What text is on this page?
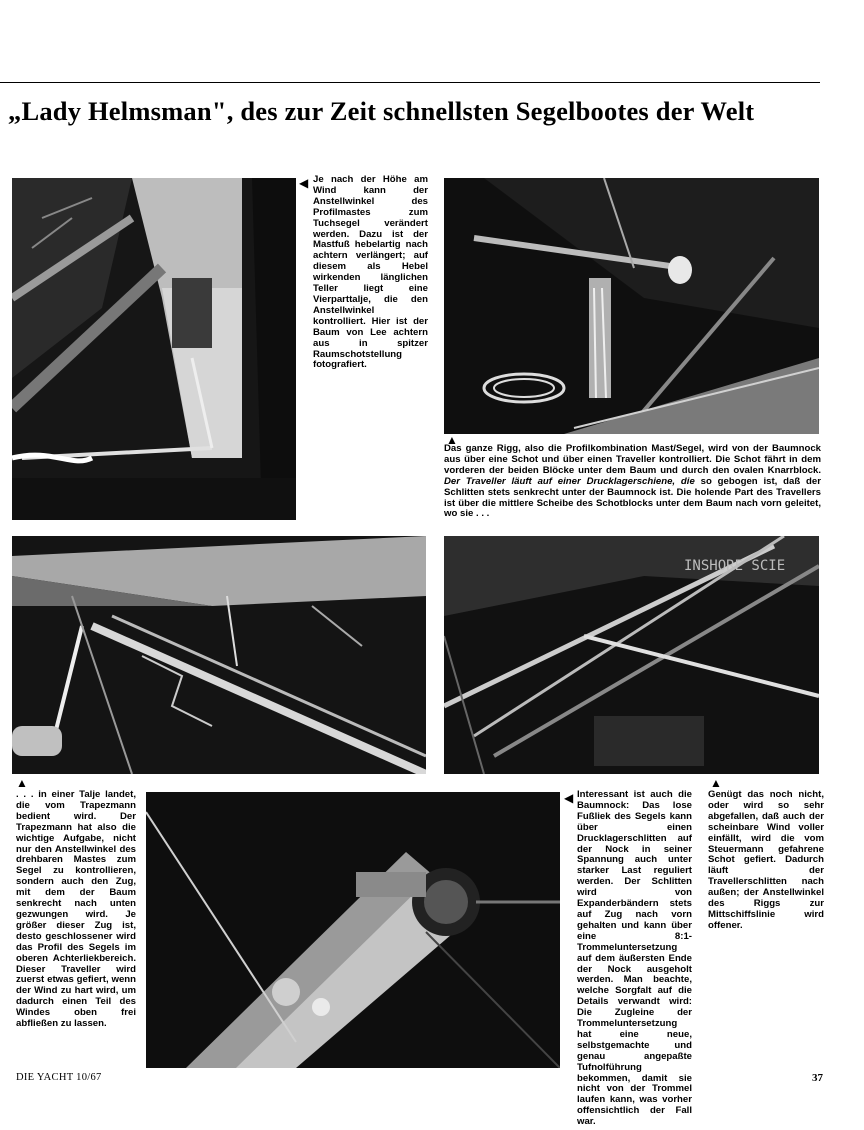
„Lady Helmsman", des zur Zeit schnellsten Segelbootes der Welt
◀ Je nach der Höhe am Wind kann der Anstellwinkel des Profilmastes zum Tuchsegel verändert werden. Dazu ist der Mastfuß hebelartig nach achtern verlängert; auf diesem als Hebel wirkenden länglichen Teller liegt eine Vierparttalje, die den Anstellwinkel kontrolliert. Hier ist der Baum von Lee achtern aus in spitzer Raumschotstellung fotografiert.
▲
Das ganze Rigg, also die Profilkombination Mast/Segel, wird von der Baumnock aus über eine Schot und über einen Traveller kontrolliert. Die Schot fährt in dem vorderen der beiden Blöcke unter dem Baum und durch den ovalen Knarrblock. Der Traveller läuft auf einer Drucklagerschiene, die so gebogen ist, daß der Schlitten stets senkrecht unter der Baumnock ist. Die holende Part des Travellers ist über die mittlere Scheibe des Schotblocks unter dem Baum nach vorn geleitet, wo sie . . .
INSHORE SCIE
▲
. . . in einer Talje landet, die vom Trapezmann bedient wird. Der Trapezmann hat also die wichtige Aufgabe, nicht nur den Anstellwinkel des drehbaren Mastes zum Segel zu kontrollieren, sondern auch den Zug, mit dem der Baum senkrecht nach unten gezwungen wird. Je größer dieser Zug ist, desto geschlossener wird das Profil des Segels im oberen Achterliekbereich. Dieser Traveller wird zuerst etwas gefiert, wenn der Wind zu hart wird, um dadurch einen Teil des Windes oben frei abfließen zu lassen.
◀ Interessant ist auch die Baumnock: Das lose Fußliek des Segels kann über einen Drucklagerschlitten auf der Nock in seiner Spannung auch unter starker Last reguliert werden. Der Schlitten wird von Expanderbändern stets auf Zug nach vorn gehalten und kann über eine 8:1-Trommeluntersetzung auf dem äußersten Ende der Nock ausgeholt werden. Man beachte, welche Sorgfalt auf die Details verwandt wird: Die Zugleine der Trommeluntersetzung hat eine neue, selbstgemachte und genau angepaßte Tufnolführung bekommen, damit sie nicht von der Trommel laufen kann, was vorher offensichtlich der Fall war.
▲
Genügt das noch nicht, oder wird so sehr abgefallen, daß auch der scheinbare Wind voller einfällt, wird die vom Steuermann gefahrene Schot gefiert. Dadurch läuft der Travellerschlitten nach außen; der Anstellwinkel des Riggs zur Mittschiffslinie wird offener.
DIE YACHT 10/67	37
